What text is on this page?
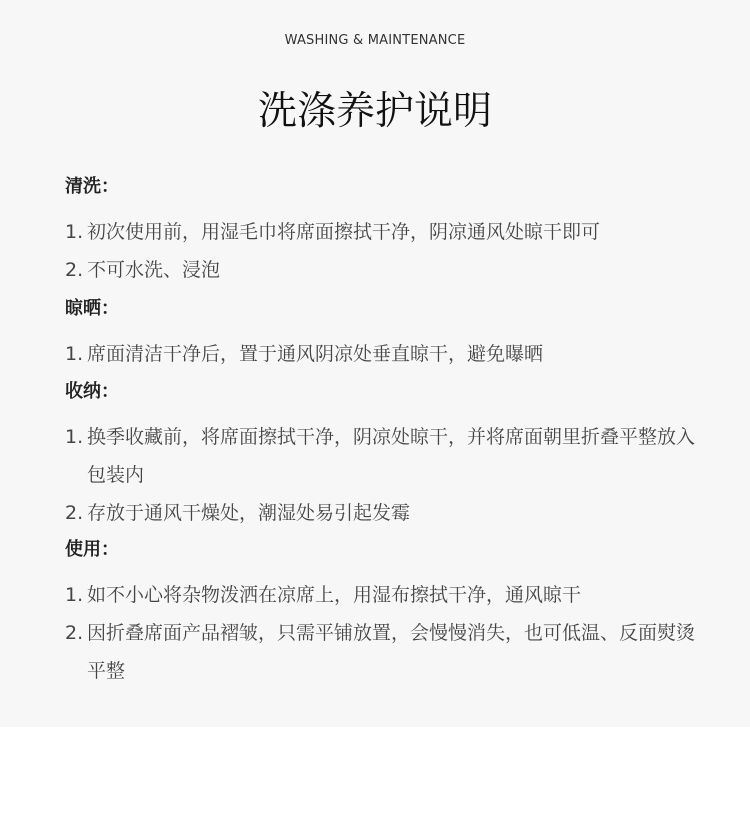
WASHING & MAINTENANCE
洗涤养护说明
清洗：
1. 初次使用前，用湿毛巾将席面擦拭干净，阴凉通风处晾干即可
2. 不可水洗、浸泡
晾晒：
1. 席面清洁干净后，置于通风阴凉处垂直晾干，避免曝晒
收纳：
1. 换季收藏前，将席面擦拭干净，阴凉处晾干，并将席面朝里折叠平整放入包装内
2. 存放于通风干燥处，潮湿处易引起发霉
使用：
1. 如不小心将杂物泼洒在凉席上，用湿布擦拭干净，通风晾干
2. 因折叠席面产品褶皱，只需平铺放置，会慢慢消失，也可低温、反面熨烫平整
